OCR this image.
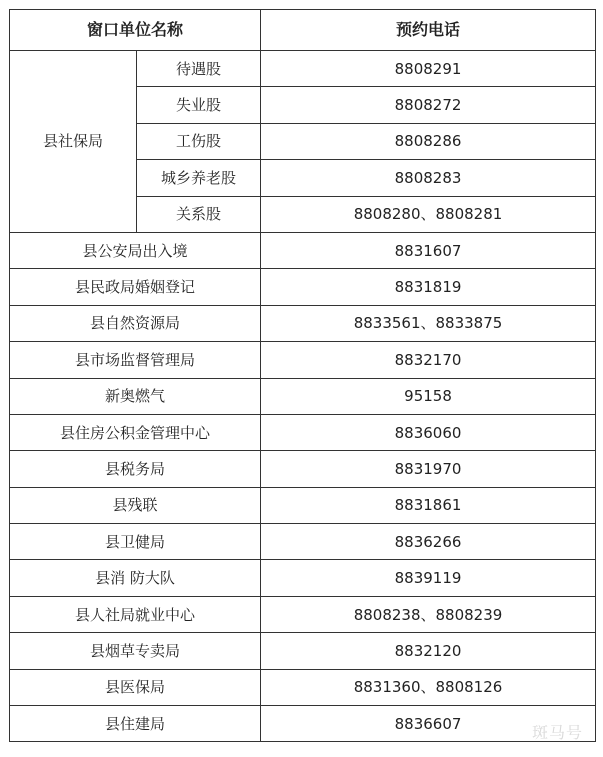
窗口单位名称		预约电话
县社保局	待遇股	8808291
	失业股	8808272
	工伤股	8808286
	城乡养老股	8808283
	关系股	8808280、8808281
县公安局出入境		8831607
县民政局婚姻登记		8831819
县自然资源局		8833561、8833875
县市场监督管理局		8832170
新奥燃气		95158
县住房公积金管理中心		8836060
县税务局		8831970
县残联		8831861
县卫健局		8836266
县消 防大队		8839119
县人社局就业中心		8808238、8808239
县烟草专卖局		8832120
县医保局		8831360、8808126
县住建局		8836607	斑马号
